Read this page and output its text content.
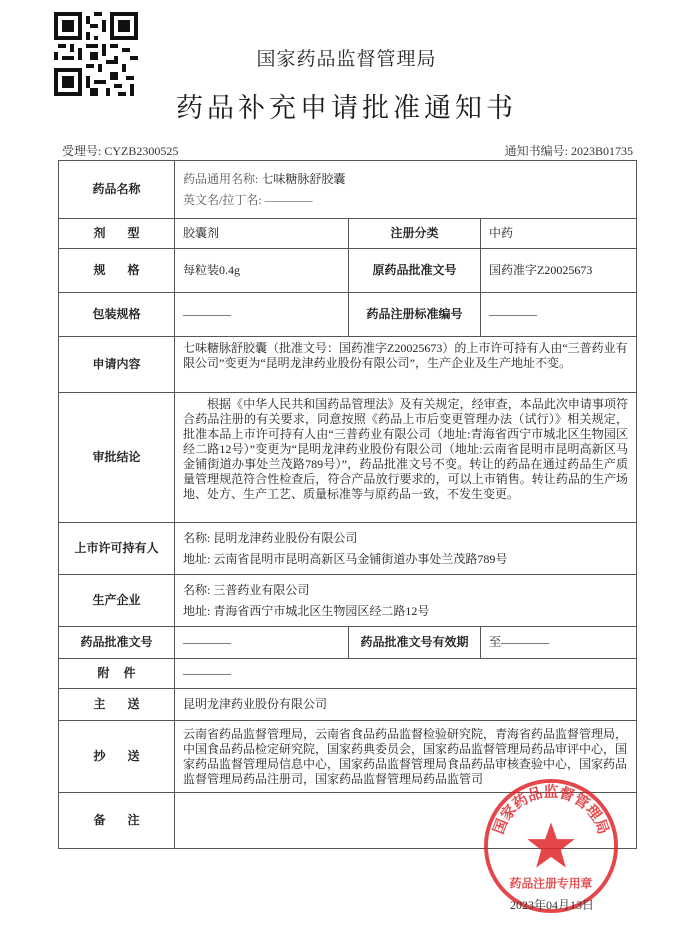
国家药品监督管理局
药品补充申请批准通知书
受理号: CYZB2300525	通知书编号: 2023B01735
药品名称	药品通用名称: 七味糖脉舒胶囊
英文名/拉丁名: ————		

剂型	胶囊剂	注册分类	中药
规格	每粒装0.4g	原药品批准文号	国药准字Z20025673
包装规格	————	药品注册标准编号	————
申请内容	七味糖脉舒胶囊（批准文号：国药准字Z20025673）的上市许可持有人由“三普药业有限公司”变更为“昆明龙津药业股份有限公司”，生产企业及生产地址不变。		
审批结论	根据《中华人民共和国药品管理法》及有关规定，经审查，本品此次申请事项符合药品注册的有关要求，同意按照《药品上市后变更管理办法（试行）》相关规定，批准本品上市许可持有人由“三普药业有限公司（地址:青海省西宁市城北区生物园区经二路12号）”变更为“昆明龙津药业股份有限公司（地址:云南省昆明市昆明高新区马金铺街道办事处兰茂路789号）”，药品批准文号不变。转让的药品在通过药品生产质量管理规范符合性检查后，符合产品放行要求的，可以上市销售。转让药品的生产场地、处方、生产工艺、质量标准等与原药品一致，不发生变更。		
上市许可持有人	名称: 昆明龙津药业股份有限公司
地址: 云南省昆明市昆明高新区马金铺街道办事处兰茂路789号		

生产企业	名称: 三普药业有限公司
地址: 青海省西宁市城北区生物园区经二路12号		

药品批准文号	————	药品批准文号有效期	至————
附件	————		
主送	昆明龙津药业股份有限公司		
抄送	云南省药品监督管理局，云南省食品药品监督检验研究院，青海省药品监督管理局，中国食品药品检定研究院，国家药典委员会，国家药品监督管理局药品审评中心，国家药品监督管理局信息中心，国家药品监督管理局食品药品审核查验中心，国家药品监督管理局药品注册司，国家药品监督管理局药品监管司		
备注				国家药品监督管理局
药品注册专用章
2023年04月13日
